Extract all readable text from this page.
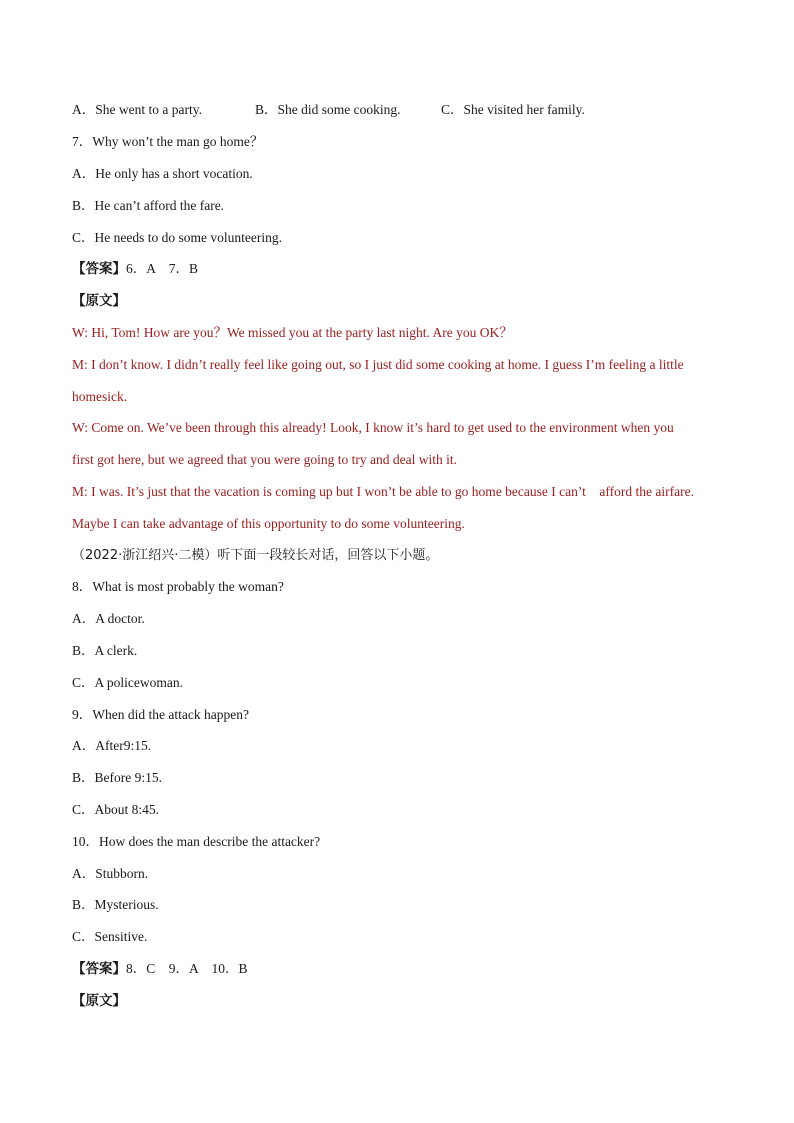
A．She went to a party.	B．She did some cooking.	C．She visited her family.
7．Why won’t the man go home？
A．He only has a short vocation.
B．He can’t afford the fare.
C．He needs to do some volunteering.
【答案】6．A　7．B
【原文】
W: Hi, Tom! How are you？We missed you at the party last night. Are you OK？
M: I don’t know. I didn’t really feel like going out, so I just did some cooking at home. I guess I’m feeling a little
homesick.
W: Come on. We’ve been through this already! Look, I know it’s hard to get used to the environment when you
first got here, but we agreed that you were going to try and deal with it.
M: I was. It’s just that the vacation is coming up but I won’t be able to go home because I can’t　afford the airfare.
Maybe I can take advantage of this opportunity to do some volunteering.
（2022·浙江绍兴·二模）听下面一段较长对话，回答以下小题。
8．What is most probably the woman?
A．A doctor.
B．A clerk.
C．A policewoman.
9．When did the attack happen?
A．After9:15.
B．Before 9:15.
C．About 8:45.
10．How does the man describe the attacker?
A．Stubborn.
B．Mysterious.
C．Sensitive.
【答案】8．C　9．A　10．B
【原文】
